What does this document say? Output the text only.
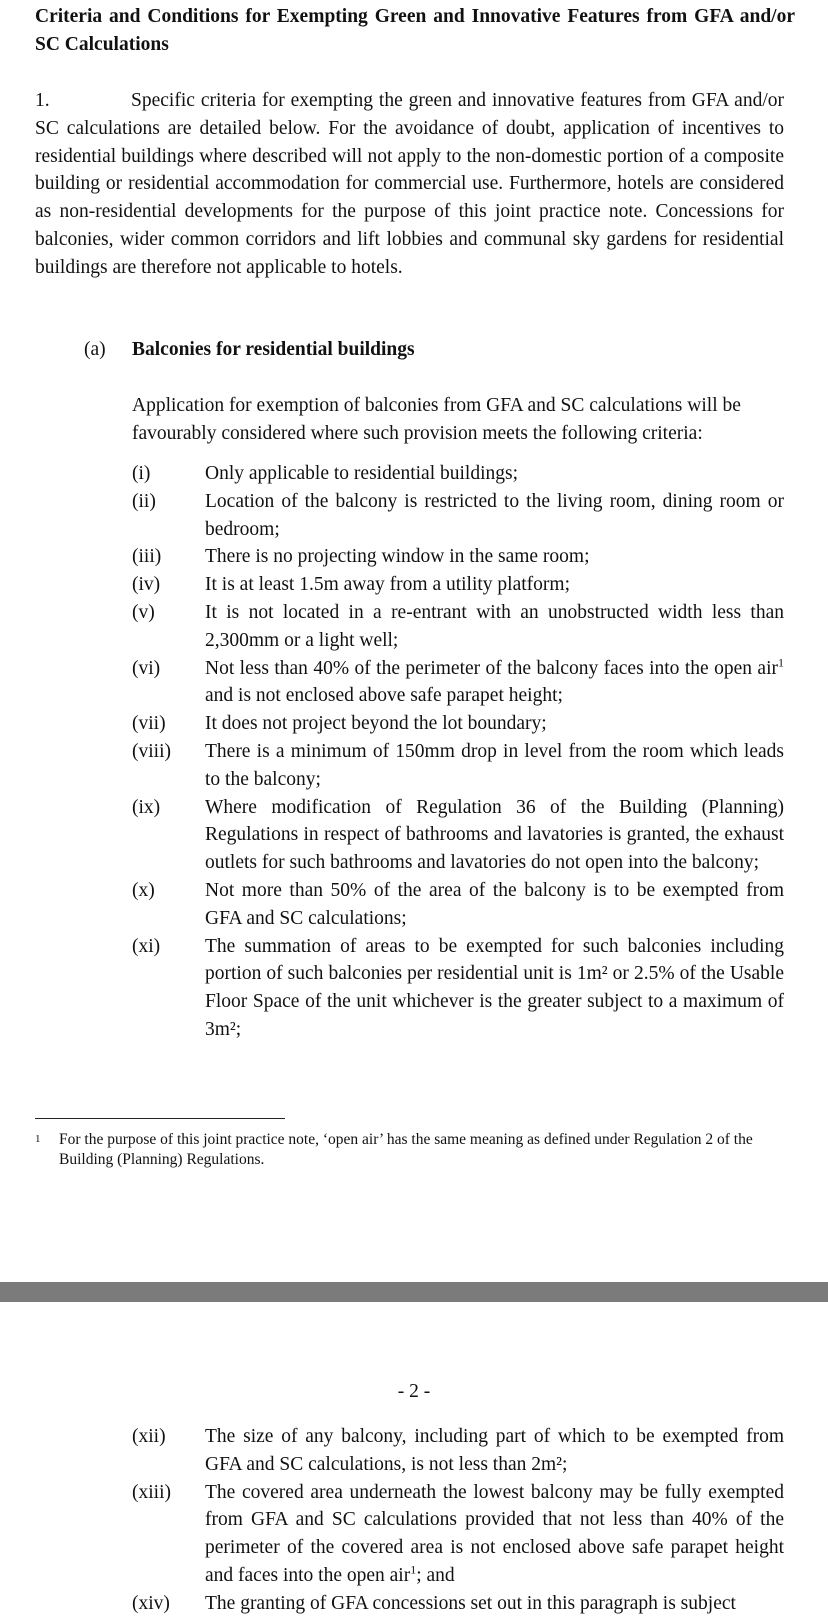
Criteria and Conditions for Exempting Green and Innovative Features from GFA and/or SC Calculations
1.	Specific criteria for exempting the green and innovative features from GFA and/or SC calculations are detailed below. For the avoidance of doubt, application of incentives to residential buildings where described will not apply to the non-domestic portion of a composite building or residential accommodation for commercial use. Furthermore, hotels are considered as non-residential developments for the purpose of this joint practice note. Concessions for balconies, wider common corridors and lift lobbies and communal sky gardens for residential buildings are therefore not applicable to hotels.
(a) Balconies for residential buildings
Application for exemption of balconies from GFA and SC calculations will be favourably considered where such provision meets the following criteria:
(i)	Only applicable to residential buildings;
(ii)	Location of the balcony is restricted to the living room, dining room or bedroom;
(iii)	There is no projecting window in the same room;
(iv)	It is at least 1.5m away from a utility platform;
(v)	It is not located in a re-entrant with an unobstructed width less than 2,300mm or a light well;
(vi)	Not less than 40% of the perimeter of the balcony faces into the open air$^1$ and is not enclosed above safe parapet height;
(vii)	It does not project beyond the lot boundary;
(viii)	There is a minimum of 150mm drop in level from the room which leads to the balcony;
(ix)	Where modification of Regulation 36 of the Building (Planning) Regulations in respect of bathrooms and lavatories is granted, the exhaust outlets for such bathrooms and lavatories do not open into the balcony;
(x)	Not more than 50% of the area of the balcony is to be exempted from GFA and SC calculations;
(xi)	The summation of areas to be exempted for such balconies including portion of such balconies per residential unit is 1m² or 2.5% of the Usable Floor Space of the unit whichever is the greater subject to a maximum of 3m²;
1 For the purpose of this joint practice note, ‘open air’ has the same meaning as defined under Regulation 2 of the Building (Planning) Regulations.
- 2 -
(xii)	The size of any balcony, including part of which to be exempted from GFA and SC calculations, is not less than 2m²;
(xiii)	The covered area underneath the lowest balcony may be fully exempted from GFA and SC calculations provided that not less than 40% of the perimeter of the covered area is not enclosed above safe parapet height and faces into the open air$^1$; and
(xiv)	The granting of GFA concessions set out in this paragraph is subject
